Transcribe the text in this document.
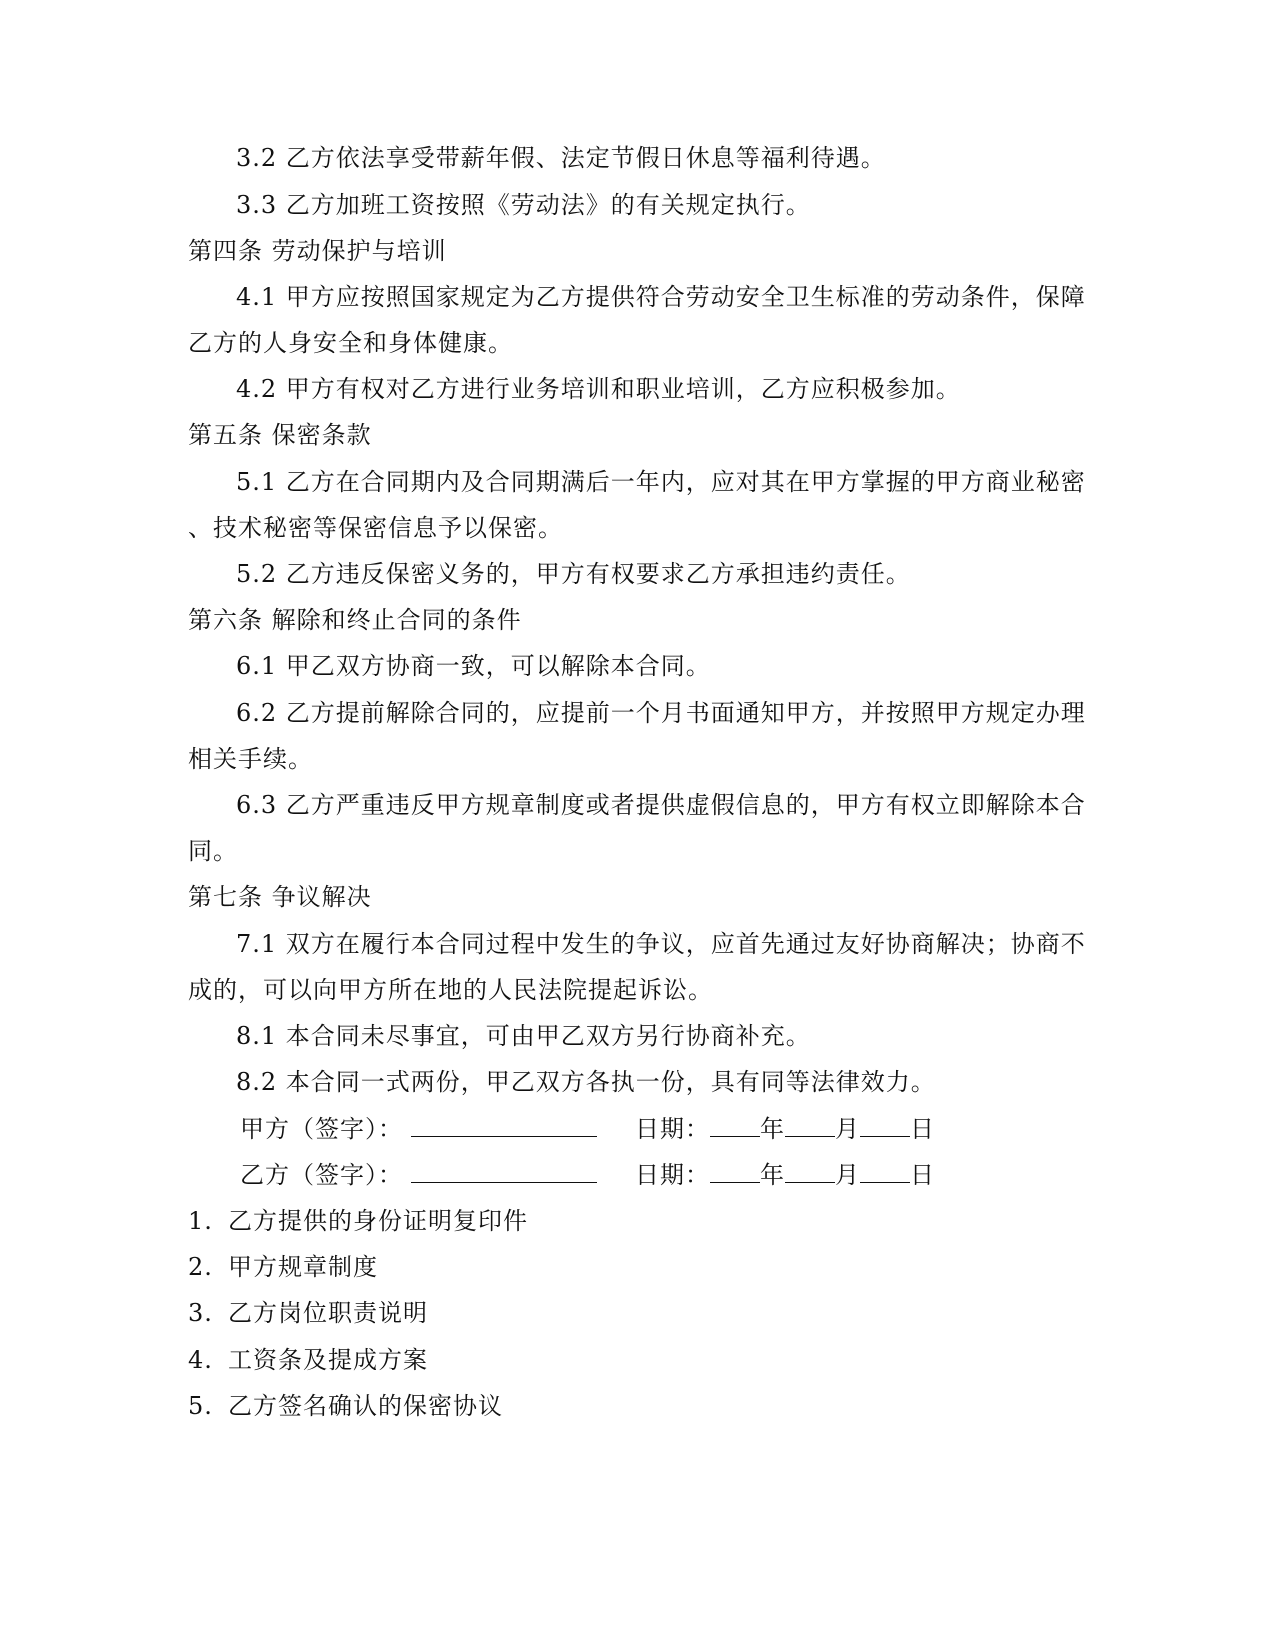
3.2 乙方依法享受带薪年假、法定节假日休息等福利待遇。
3.3 乙方加班工资按照《劳动法》的有关规定执行。
第四条 劳动保护与培训
4.1 甲方应按照国家规定为乙方提供符合劳动安全卫生标准的劳动条件，保障
乙方的人身安全和身体健康。
4.2 甲方有权对乙方进行业务培训和职业培训，乙方应积极参加。
第五条 保密条款
5.1 乙方在合同期内及合同期满后一年内，应对其在甲方掌握的甲方商业秘密
、技术秘密等保密信息予以保密。
5.2 乙方违反保密义务的，甲方有权要求乙方承担违约责任。
第六条 解除和终止合同的条件
6.1 甲乙双方协商一致，可以解除本合同。
6.2 乙方提前解除合同的，应提前一个月书面通知甲方，并按照甲方规定办理
相关手续。
6.3 乙方严重违反甲方规章制度或者提供虚假信息的，甲方有权立即解除本合
同。
第七条 争议解决
7.1 双方在履行本合同过程中发生的争议，应首先通过友好协商解决；协商不
成的，可以向甲方所在地的人民法院提起诉讼。
8.1 本合同未尽事宜，可由甲乙双方另行协商补充。
8.2 本合同一式两份，甲乙双方各执一份，具有同等法律效力。
甲方（签字）：	日期： 年 月 日
乙方（签字）：	日期： 年 月 日
1. 乙方提供的身份证明复印件
2. 甲方规章制度
3. 乙方岗位职责说明
4. 工资条及提成方案
5. 乙方签名确认的保密协议
